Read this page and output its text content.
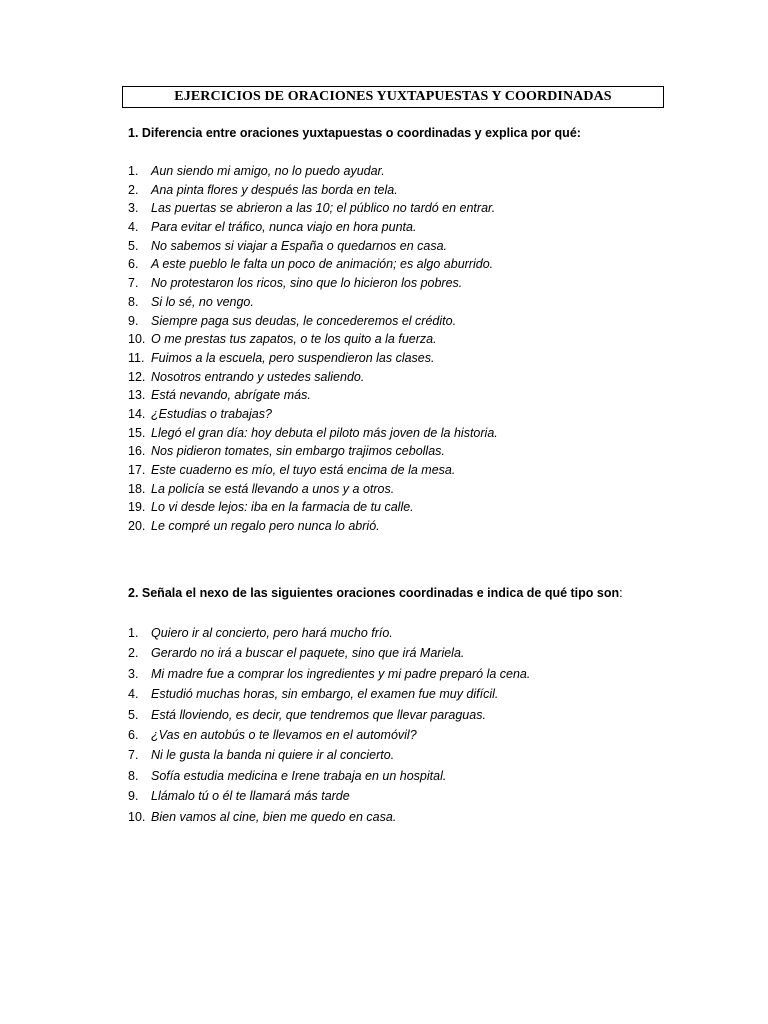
EJERCICIOS DE ORACIONES YUXTAPUESTAS Y COORDINADAS
1. Diferencia entre oraciones yuxtapuestas o coordinadas y explica por qué:
1.	Aun siendo mi amigo, no lo puedo ayudar.
2.	Ana pinta flores y después las borda en tela.
3.	Las puertas se abrieron a las 10; el público no tardó en entrar.
4.	Para evitar el tráfico, nunca viajo en hora punta.
5.	No sabemos si viajar a España o quedarnos en casa.
6.	A este pueblo le falta un poco de animación; es algo aburrido.
7.	No protestaron los ricos, sino que lo hicieron los pobres.
8.	Si lo sé, no vengo.
9.	Siempre paga sus deudas, le concederemos el crédito.
10. O me prestas tus zapatos, o te los quito a la fuerza.
11. Fuimos a la escuela, pero suspendieron las clases.
12. Nosotros entrando y ustedes saliendo.
13. Está nevando, abrígate más.
14. ¿Estudias o trabajas?
15. Llegó el gran día: hoy debuta el piloto más joven de la historia.
16. Nos pidieron tomates, sin embargo trajimos cebollas.
17. Este cuaderno es mío, el tuyo está encima de la mesa.
18. La policía se está llevando a unos y a otros.
19. Lo vi desde lejos: iba en la farmacia de tu calle.
20. Le compré un regalo pero nunca lo abrió.
2. Señala el nexo de las siguientes oraciones coordinadas e indica de qué tipo son:
1.	Quiero ir al concierto, pero hará mucho frío.
2.	Gerardo no irá a buscar el paquete, sino que irá Mariela.
3.	Mi madre fue a comprar los ingredientes y mi padre preparó la cena.
4.	Estudió muchas horas, sin embargo, el examen fue muy difícil.
5.	Está lloviendo, es decir, que tendremos que llevar paraguas.
6.	¿Vas en autobús o te llevamos en el automóvil?
7.	Ni le gusta la banda ni quiere ir al concierto.
8.	Sofía estudia medicina e Irene trabaja en un hospital.
9.	Llámalo tú o él te llamará más tarde
10. Bien vamos al cine, bien me quedo en casa.
